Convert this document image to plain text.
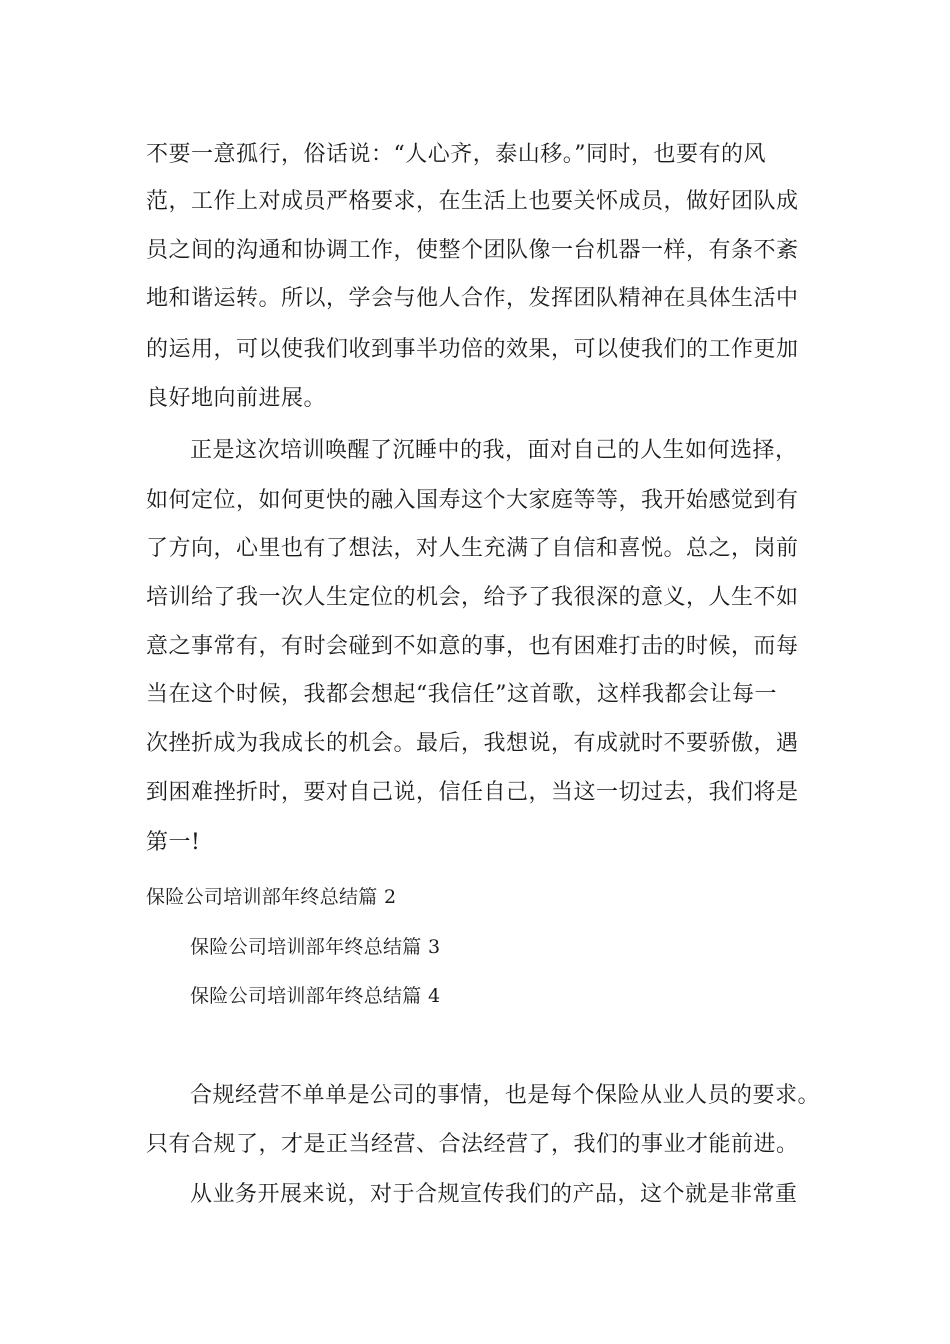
不要一意孤行，俗话说：“人心齐，泰山移。”同时，也要有的风
范，工作上对成员严格要求，在生活上也要关怀成员，做好团队成
员之间的沟通和协调工作，使整个团队像一台机器一样，有条不紊
地和谐运转。所以，学会与他人合作，发挥团队精神在具体生活中
的运用，可以使我们收到事半功倍的效果，可以使我们的工作更加
良好地向前进展。
正是这次培训唤醒了沉睡中的我，面对自己的人生如何选择，
如何定位，如何更快的融入国寿这个大家庭等等，我开始感觉到有
了方向，心里也有了想法，对人生充满了自信和喜悦。总之，岗前
培训给了我一次人生定位的机会，给予了我很深的意义，人生不如
意之事常有，有时会碰到不如意的事，也有困难打击的时候，而每
当在这个时候，我都会想起“我信任”这首歌，这样我都会让每一
次挫折成为我成长的机会。最后，我想说，有成就时不要骄傲，遇
到困难挫折时，要对自己说，信任自己，当这一切过去，我们将是
第一!
保险公司培训部年终总结篇 2
保险公司培训部年终总结篇 3
保险公司培训部年终总结篇 4
合规经营不单单是公司的事情，也是每个保险从业人员的要求。
只有合规了，才是正当经营、合法经营了，我们的事业才能前进。
从业务开展来说，对于合规宣传我们的产品，这个就是非常重
